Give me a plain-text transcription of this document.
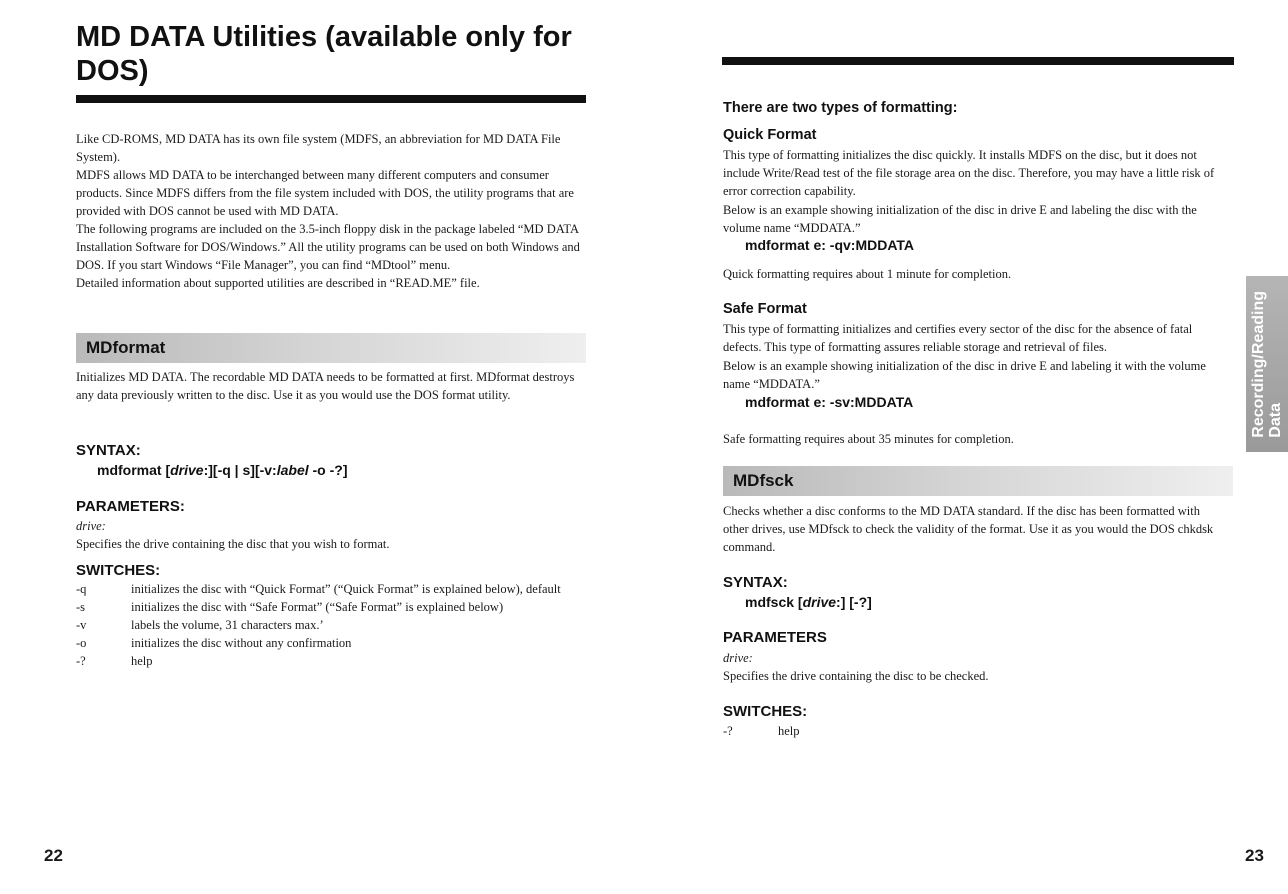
MD DATA Utilities (available only for DOS)

Like CD-ROMS, MD DATA has its own file system (MDFS, an abbreviation for MD DATA File System).

MDFS allows MD DATA to be interchanged between many different computers and consumer products. Since MDFS differs from the file system included with DOS, the utility programs that are provided with DOS cannot be used with MD DATA.

The following programs are included on the 3.5-inch floppy disk in the package labeled “MD DATA Installation Software for DOS/Windows.” All the utility programs can be used on both Windows and DOS. If you start Windows “File Manager”, you can find “MDtool” menu.

Detailed information about supported utilities are described in “READ.ME” file.

MDformat
Initializes MD DATA. The recordable MD DATA needs to be formatted at first. MDformat destroys any data previously written to the disc. Use it as you would use the DOS format utility.
SYNTAX:
mdformat [drive:][-q | s][-v:label -o -?]
PARAMETERS:
drive:
Specifies the drive containing the disc that you wish to format.
SWITCHES:
-q	initializes the disc with “Quick Format” (“Quick Format” is explained below), default
-s	initializes the disc with “Safe Format” (“Safe Format” is explained below)
-v	labels the volume, 31 characters max.’
-o	initializes the disc without any confirmation
-?	help
22
There are two types of formatting:
Quick Format
This type of formatting initializes the disc quickly. It installs MDFS on the disc, but it does not include Write/Read test of the file storage area on the disc. Therefore, you may have a little risk of error correction capability.
Below is an example showing initialization of the disc in drive E and labeling the disc with the volume name “MDDATA.”
mdformat e: -qv:MDDATA
Quick formatting requires about 1 minute for completion.
Safe Format
This type of formatting initializes and certifies every sector of the disc for the absence of fatal defects. This type of formatting assures reliable storage and retrieval of files.
Below is an example showing initialization of the disc in drive E and labeling it with the volume name “MDDATA.”
mdformat e: -sv:MDDATA
Safe formatting requires about 35 minutes for completion.
MDfsck
Checks whether a disc conforms to the MD DATA standard. If the disc has been formatted with other drives, use MDfsck to check the validity of the format. Use it as you would the DOS chkdsk command.
SYNTAX:
mdfsck [drive:] [-?]
PARAMETERS
drive:
Specifies the drive containing the disc to be checked.
SWITCHES:
-?	help
Recording/Reading
Data
23
